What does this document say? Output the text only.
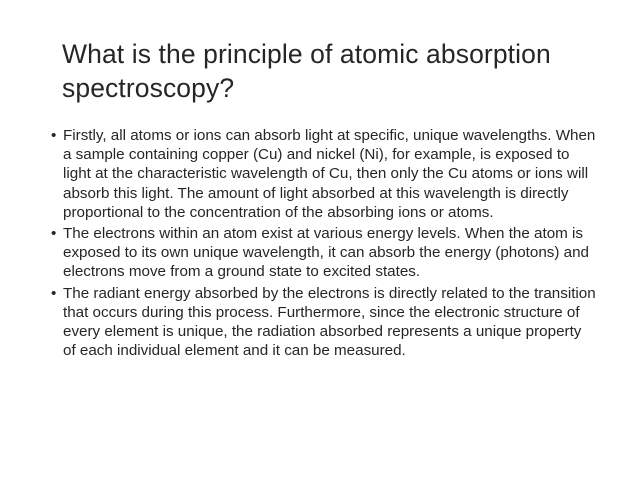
What is the principle of atomic absorption spectroscopy?
• Firstly, all atoms or ions can absorb light at specific, unique wavelengths. When a sample containing copper (Cu) and nickel (Ni), for example, is exposed to light at the characteristic wavelength of Cu, then only the Cu atoms or ions will absorb this light. The amount of light absorbed at this wavelength is directly proportional to the concentration of the absorbing ions or atoms.
• The electrons within an atom exist at various energy levels. When the atom is exposed to its own unique wavelength, it can absorb the energy (photons) and electrons move from a ground state to excited states.
• The radiant energy absorbed by the electrons is directly related to the transition that occurs during this process. Furthermore, since the electronic structure of every element is unique, the radiation absorbed represents a unique property of each individual element and it can be measured.
